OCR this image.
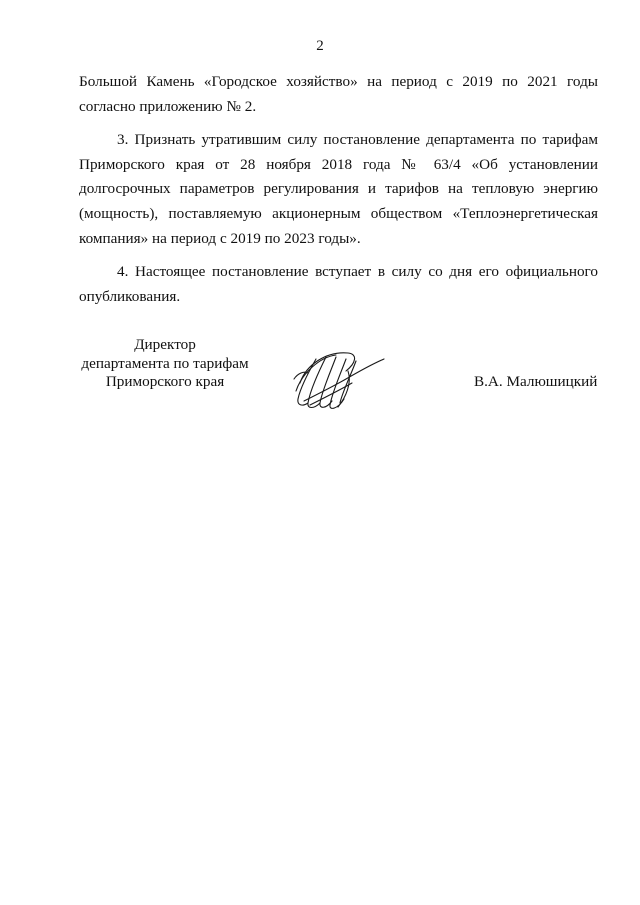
2

Большой Камень «Городское хозяйство» на период с 2019 по 2021 годы
согласно приложению № 2.

3. Признать утратившим силу постановление департамента по тарифам
Приморского края от 28 ноября 2018 года № 63/4 «Об установлении
долгосрочных параметров регулирования и тарифов на тепловую энергию
(мощность), поставляемую акционерным обществом «Теплоэнергетическая
компания» на период с 2019 по 2023 годы».

4. Настоящее постановление вступает в силу со дня его официального
опубликования.

Директор
департамента по тарифам
Приморского края	В.А. Малюшицкий
